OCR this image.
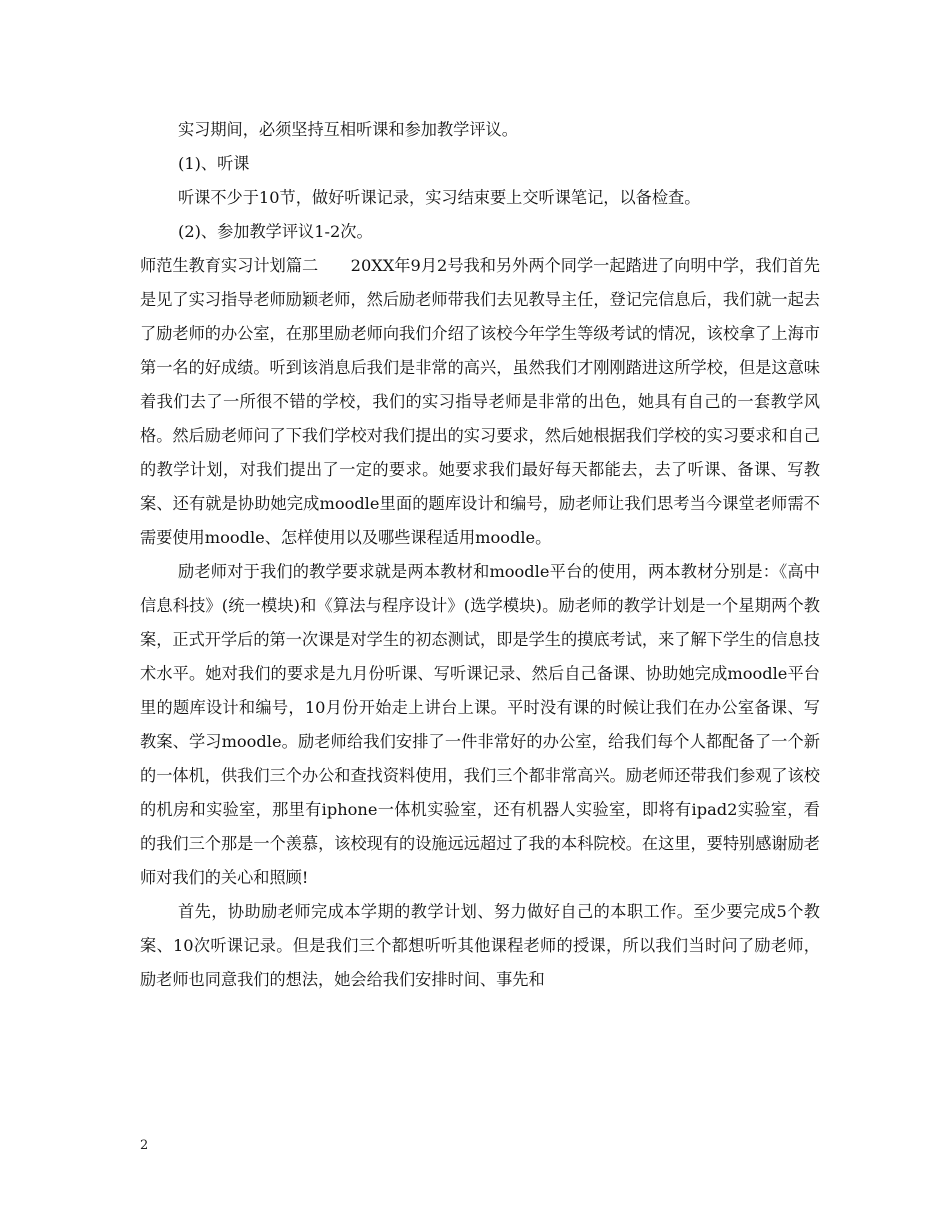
实习期间，必须坚持互相听课和参加教学评议。

(1)、听课

听课不少于10节，做好听课记录，实习结束要上交听课笔记，以备检查。

(2)、参加教学评议1-2次。

师范生教育实习计划篇二　　20XX年9月2号我和另外两个同学一起踏进了向明中学，我们首先是见了实习指导老师励颖老师，然后励老师带我们去见教导主任，登记完信息后，我们就一起去了励老师的办公室，在那里励老师向我们介绍了该校今年学生等级考试的情况，该校拿了上海市第一名的好成绩。听到该消息后我们是非常的高兴，虽然我们才刚刚踏进这所学校，但是这意味着我们去了一所很不错的学校，我们的实习指导老师是非常的出色，她具有自己的一套教学风格。然后励老师问了下我们学校对我们提出的实习要求，然后她根据我们学校的实习要求和自己的教学计划，对我们提出了一定的要求。她要求我们最好每天都能去，去了听课、备课、写教案、还有就是协助她完成moodle里面的题库设计和编号，励老师让我们思考当今课堂老师需不需要使用moodle、怎样使用以及哪些课程适用moodle。

励老师对于我们的教学要求就是两本教材和moodle平台的使用，两本教材分别是：《高中信息科技》(统一模块)和《算法与程序设计》(选学模块)。励老师的教学计划是一个星期两个教案，正式开学后的第一次课是对学生的初态测试，即是学生的摸底考试，来了解下学生的信息技术水平。她对我们的要求是九月份听课、写听课记录、然后自己备课、协助她完成moodle平台里的题库设计和编号，10月份开始走上讲台上课。平时没有课的时候让我们在办公室备课、写教案、学习moodle。励老师给我们安排了一件非常好的办公室，给我们每个人都配备了一个新的一体机，供我们三个办公和查找资料使用，我们三个都非常高兴。励老师还带我们参观了该校的机房和实验室，那里有iphone一体机实验室，还有机器人实验室，即将有ipad2实验室，看的我们三个那是一个羡慕，该校现有的设施远远超过了我的本科院校。在这里，要特别感谢励老师对我们的关心和照顾!

首先，协助励老师完成本学期的教学计划、努力做好自己的本职工作。至少要完成5个教案、10次听课记录。但是我们三个都想听听其他课程老师的授课，所以我们当时问了励老师，励老师也同意我们的想法，她会给我们安排时间、事先和

2
